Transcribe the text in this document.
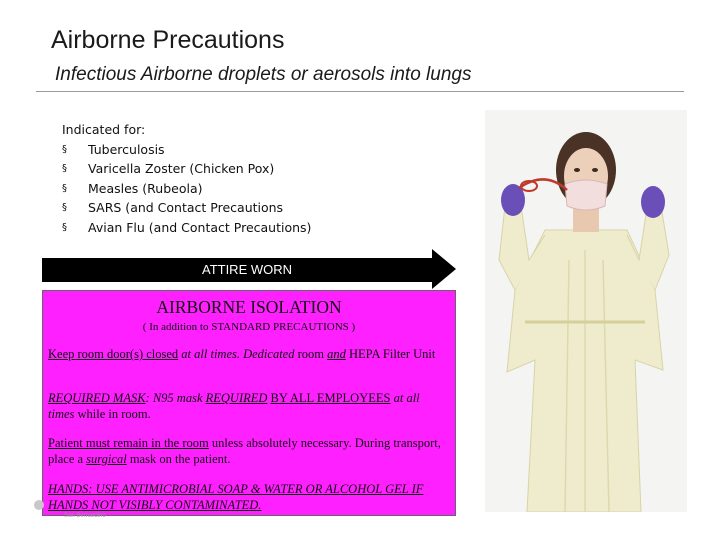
Airborne Precautions
Infectious Airborne droplets or aerosols into lungs
Indicated for:
§ Tuberculosis
§ Varicella Zoster (Chicken Pox)
§ Measles (Rubeola)
§ SARS (and Contact Precautions
§ Avian Flu (and Contact Precautions)
ATTIRE WORN
AIRBORNE ISOLATION
( In addition to STANDARD PRECAUTIONS )
Keep room door(s) closed at all times. Dedicated room and HEPA Filter Unit
REQUIRED MASK: N95 mask REQUIRED BY ALL EMPLOYEES at all times while in room.
Patient must remain in the room unless absolutely necessary. During transport, place a surgical mask on the patient.
HANDS: USE ANTIMICROBIAL SOAP & WATER OR ALCOHOL GEL IF HANDS NOT VISIBLY CONTAMINATED.
San Bernardino
